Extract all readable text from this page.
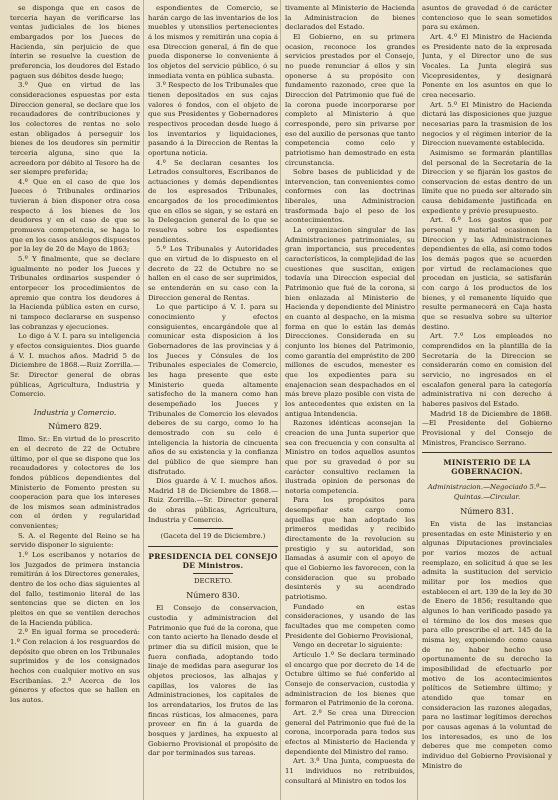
se disponga que en casos de terceria hayan de verificarse las ventas judiciales de los bienes embargados por los Jueces de Hacienda, sin perjuicio de que ínterin se resuelve la cuestion de preferencia, los deudores del Estado paguen sus débitos desde luego;

3.º Que en virtud de las consideraciones espuestas por esta Direccion general, se declare que los recaudadores de contribuciones y los colectores de rentas no solo estan obligados á perseguir los bienes de los deudores sin permitir terceria alguna, sino que la acreedora por débito al Tesoro ha de ser siempre preferida;

4.º Que en el caso de que los Jueces ó Tribunales ordinarios tuvieran á bien disponer otra cosa respecto á los bienes de los deudores y en el caso de que se promueva competencia, se haga lo que en los casos análogos dispuestos por la ley de 20 de Mayo de 1863;

5.º Y finalmente, que se declare igualmente no poder los Jueces y Tribunales ordinarios suspender ó entorpecer los procedimientos de apremio que contra los deudores á la Hacienda pública esten en curso, ni tampoco declararse en suspenso las cobranzas y ejecuciones.

Lo digo á V. I. para su inteligencia y efectos consiguientes. Dios guarde á V. I. muchos años. Madrid 5 de Diciembre de 1868.—Ruiz Zorrilla.—Sr. Director general de obras públicas, Agricultura, Industria y Comercio.

Industria y Comercio.
Número 829.

Ilmo. Sr.: En virtud de lo prescrito en el decreto de 22 de Octubre último, por el que se dispone que los recaudadores y colectores de los fondos públicos dependientes del Ministerio de Fomento presten su cooperacion para que los intereses de los mismos sean administrados con el órden y regularidad convenientes;

S. A. el Regente del Reino se ha servido disponer lo siguiente:

1.º Los escribanos y notarios de los Juzgados de primera instancia remitirán á los Directores generales, dentro de los ocho dias siguientes al del fallo, testimonio literal de las sentencias que se dicten en los pleitos en que se ventilen derechos de la Hacienda pública.

2.º En igual forma se procederá: 1.º Con relacion á los resguardos de depósito que obren en los Tribunales suprimidos y de los consignados hechos con cualquier motivo en sus Escribanías. 2.º Acerca de los géneros y efectos que se hallen en los autos.

espondientes de Comercio, se harán cargo de las inventarios de los muebles y utensilios pertenecientes á los mismos y remitirán una copia á esa Direccion general, á fin de que pueda disponerse lo conveniente á los objetos del servicio público, ó su inmediata venta en pública subasta.

3.º Respecto de los Tribunales que tienen depositados en sus cajas valores ó fondos, con el objeto de que sus Presidentes y Gobernadores respectivos procedan desde luego á los inventarios y liquidaciones, pasando á la Direccion de Rentas la oportuna noticia.

4.º Se declaran cesantes los Letrados consultores, Escribanos de actuaciones y demás dependientes de los espresados Tribunales, encargados de los procedimientos que en ellos se sigan, y se estará en la Delegacion general de lo que se resuelva sobre los espedientes pendientes.

5.º Los Tribunales y Autoridades que en virtud de lo dispuesto en el decreto de 22 de Octubre no se hallen en el caso de ser suprimidos, se entenderán en su caso con la Direccion general de Rentas.

Lo que participo á V. I. para su conocimiento y efectos consiguientes, encargándole que al comunicar esta disposicion á los Gobernadores de las provincias y á los Jueces y Cónsules de los Tribunales especiales de Comercio, les haga presente que este Ministerio queda altamente satisfecho de la manera como han desempeñado los Jueces y Tribunales de Comercio los elevados deberes de su cargo, como lo ha demostrado con su celo é inteligencia la historia de cincuenta años de su existencia y la confianza del público de que siempre han disfrutado.

Dios guarde á V. I. muchos años. Madrid 18 de Diciembre de 1868.—Ruiz Zorrilla.—Sr. Director general de obras públicas, Agricultura, Industria y Comercio.

(Gaceta del 19 de Diciembre.)

PRESIDENCIA DEL CONSEJO DE Ministros.

DECRETO.

Número 830.

El Consejo de conservacion, custodia y administracion del Patrimonio que fué de la corona, que con tanto acierto ha llenado desde el primer dia su difícil mision, que le fuera confiada, adoptando todo linaje de medidas para asegurar los objetos preciosos, las alhajas y capillas, los valores de las Administraciones, los capitales de los arrendatarios, los frutos de las fincas rústicas, los almacenes, para proveer en fin á la guarda de bosques y jardines, ha expuesto al Gobierno Provisional el propósito de dar por terminados sus tareas.

tivamente al Ministerio de Hacienda la Administracion de bienes declarados del Estado.

El Gobierno, en su primera ocasion, reconoce los grandes servicios prestados por el Consejo, no puede renunciar á ellos y sin oponerse á su propósito con fundamento razonado, cree que la Direccion del Patrimonio que fué de la corona puede incorporarse por completo al Ministerio á que corresponde, pero sin privarse por eso del auxilio de personas que tanto competencia como celo y patriotismo han demostrado en esta circunstancia.

Sobre bases de publicidad y de intervencion, tan convenientes como conformes con las doctrinas liberales, una Administracion trasformada bajo el peso de los acontecimientos.

La organizacion singular de las Administraciones patrimoniales, su gran importancia, sus precedentes característicos, la complejidad de las cuestiones que suscitan, exigen todavía una Direccion especial del Patrimonio que fué de la corona, si bien enlazada al Ministerio de Hacienda y dependiente del Ministro en cuanto al despacho, en la misma forma en que lo están las demás Direcciones. Considerada en su conjunto los bienes del Patrimonio, como garantía del empréstito de 200 millones de escudos, menester es que los expedientes para su enajenacion sean despachados en el más breve plazo posible con vista de los antecedentes que existen en la antigua Intendencia.

Razones idénticas aconsejan la creacion de una Junta superior que sea con frecuencia y con consulta al Ministro en todos aquellos asuntos que por su gravedad ó por su carácter consultivo reclamen la ilustrada opinion de personas de notoria competencia.

Para los propósitos para desempeñar este cargo como aquellas que han adoptado los primeros medidas y recibido directamente de la revolucion su prestigio y su autoridad, son llamadas á asumir con el apoyo de que el Gobierno les favorecen, con la consideracion que su probado desinterés y su acendrado patriotismo.

Fundado en estas consideraciones, y usando de las facultades que me competen como Presidente del Gobierno Provisional,

Vengo en decretar lo siguiente:

Artículo 1.º Se declara terminado el encargo que por decreto de 14 de Octubre último se fué conferido al Consejo de conservacion, custodia y administracion de los bienes que formaron el Patrimonio de la corona.

Art. 2.º Se crea una Direccion general del Patrimonio que fué de la corona, incorporada para todos sus efectos al Ministerio de Hacienda y dependiente del Ministro del ramo.

Art. 3.º Una Junta, compuesta de 11 individuos no retribuidos, consultará al Ministro en todos los

asuntos de gravedad ó de carácter contencioso que le sean sometidos para su exámen.

Art. 4.º El Ministro de Hacienda es Presidente nato de la expresada Junta, y el Director uno de sus Vocales. La Junta elegirá sus Vicepresidentes, y designará Ponente en los asuntos en que lo crea necesario.

Art. 5.º El Ministro de Hacienda dictará las disposiciones que juzgue necesarias para la trasmision de los negocios y el régimen interior de la Direccion nuevamente establecida.

Asimismo se formarán plantillas del personal de la Secretaría de la Direccion y se fijarán los gastos de conservacion de estas dentro de un límite que no pueda ser alterado sin causa debidamente justificada en expediente y prévio presupuesto.

Art. 6.º Los gastos que por personal y material ocasionen la Direccion y las Administraciones dependientes de ella, así como todos los demás pagos que se acuerden por virtud de reclamaciones que procedan en justicia, se satisfarán con cargo á los productos de los bienes, y el remanente líquido que resulte permanecerá en Caja hasta que se resuelva sobre su ulterior destino.

Art. 7.º Los empleados no comprendidos en la plantilla de la Secretaría de la Direccion se considerarán como en comision del servicio, no ingresados en el escalafon general para la categoría administrativa ni con derecho á haberes pasivos del Estado.

Madrid 18 de Diciembre de 1868.—El Presidente del Gobierno Provisional y del Consejo de Ministros, Francisco Serrano.

MINISTERIO DE LA GOBERNACION.

Administracion.—Negociado 5.º—Quintas.—Circular.

Número 831.

En vista de las instancias presentadas en este Ministerio y en algunas Diputaciones provinciales por varios mozos de actual reemplazo, en solicitud á que se les admita la sustitucion del servicio militar por los medios que establecen el art. 139 de la ley de 30 de Enero de 1856; resultando que algunos lo han verificado pasado ya el término de los dos meses que para ello prescribe el art. 145 de la misma ley, exponiendo como causa de no haber hecho uso oportunamente de su derecho la imposibilidad de efectuarlo por motivo de los acontecimientos políticos de Setiembre último; y atendido que tomar en consideracion las razones alegadas, para no lastimar legítimos derechos por causas agenas á la voluntad de los interesados, es uno de los deberes que me competen como individuo del Gobierno Provisional y Ministro de
